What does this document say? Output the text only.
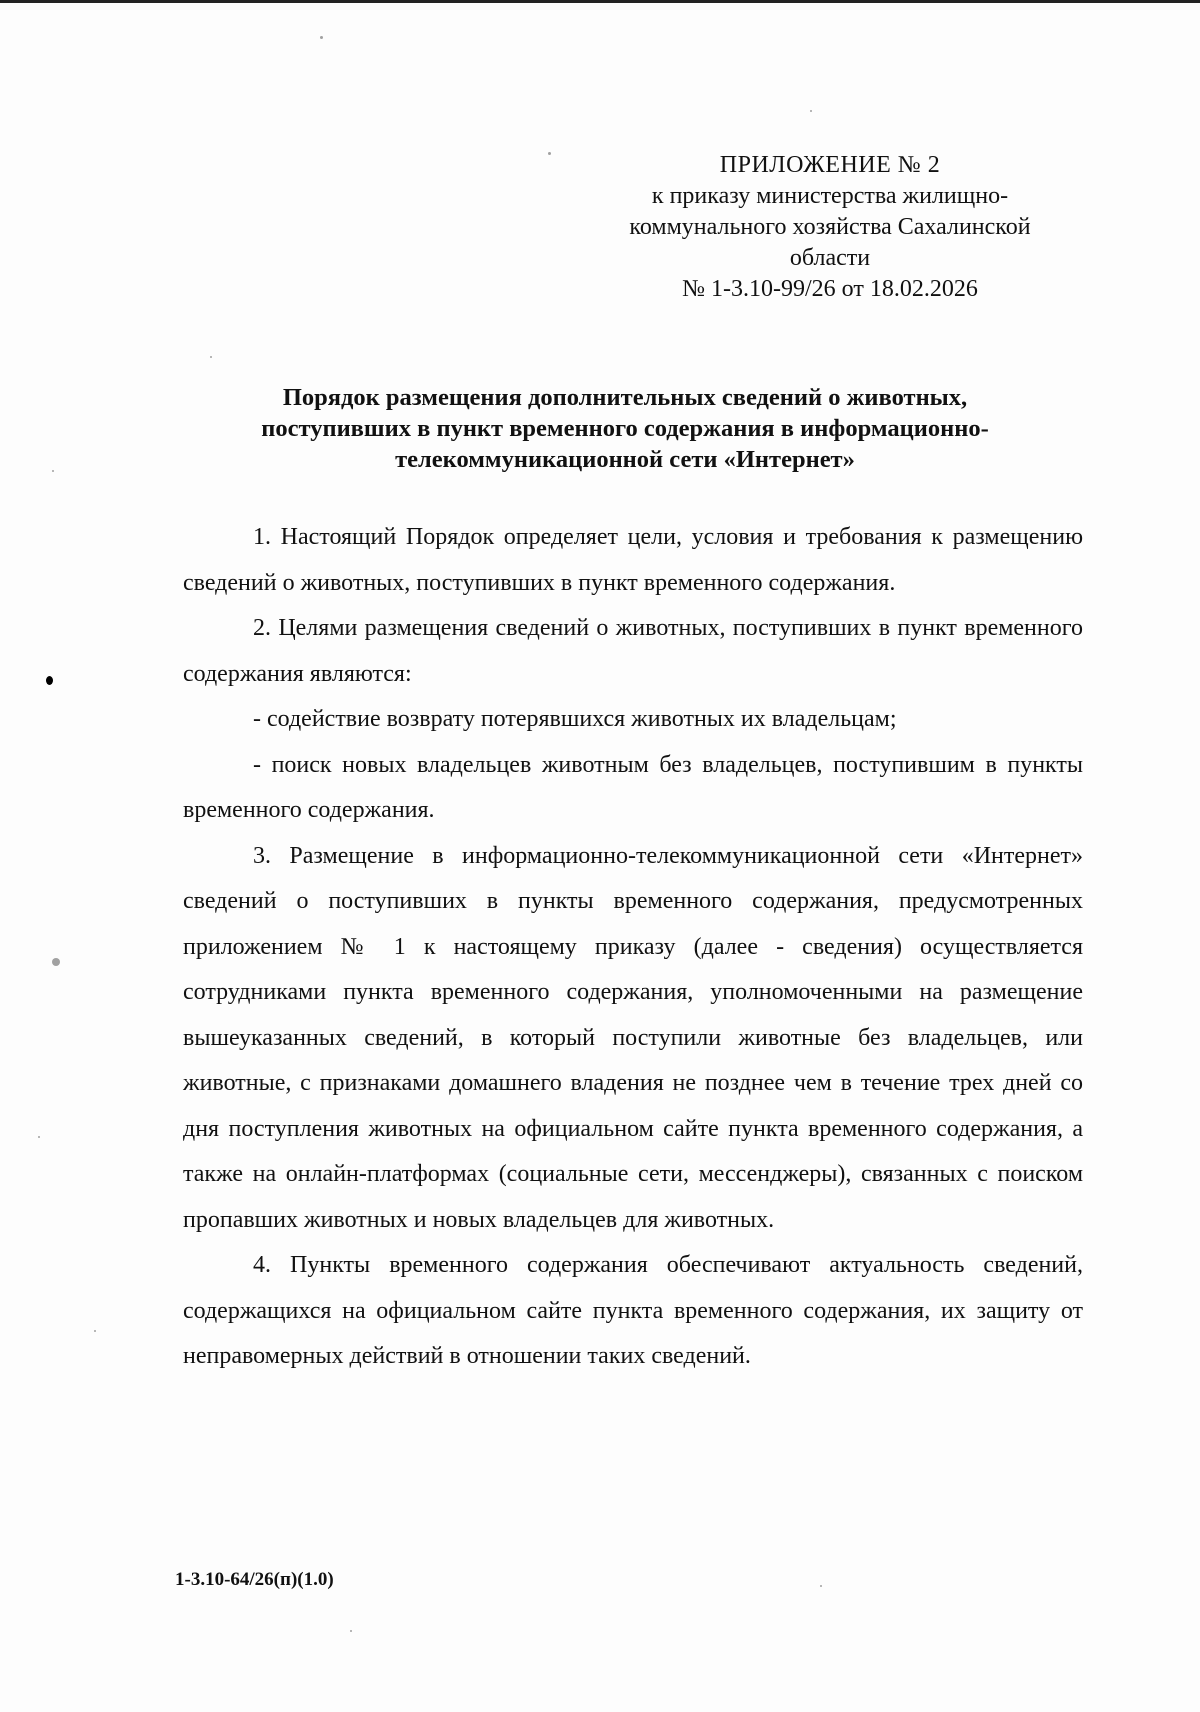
ПРИЛОЖЕНИЕ № 2
к приказу министерства жилищно-
коммунального хозяйства Сахалинской
области
№ 1-3.10-99/26 от 18.02.2026
Порядок размещения дополнительных сведений о животных,
поступивших в пункт временного содержания в информационно-
телекоммуникационной сети «Интернет»

1. Настоящий Порядок определяет цели, условия и требования к размещению сведений о животных, поступивших в пункт временного содержания.

2. Целями размещения сведений о животных, поступивших в пункт временного содержания являются:

- содействие возврату потерявшихся животных их владельцам;

- поиск новых владельцев животным без владельцев, поступившим в пункты временного содержания.

3. Размещение в информационно-телекоммуникационной сети «Интернет» сведений о поступивших в пункты временного содержания, предусмотренных приложением № 1 к настоящему приказу (далее - сведения) осуществляется сотрудниками пункта временного содержания, уполномоченными на размещение вышеуказанных сведений, в который поступили животные без владельцев, или животные, с признаками домашнего владения не позднее чем в течение трех дней со дня поступления животных на официальном сайте пункта временного содержания, а также на онлайн-платформах (социальные сети, мессенджеры), связанных с поиском пропавших животных и новых владельцев для животных.

4. Пункты временного содержания обеспечивают актуальность сведений, содержащихся на официальном сайте пункта временного содержания, их защиту от неправомерных действий в отношении таких сведений.

1-3.10-64/26(п)(1.0)
